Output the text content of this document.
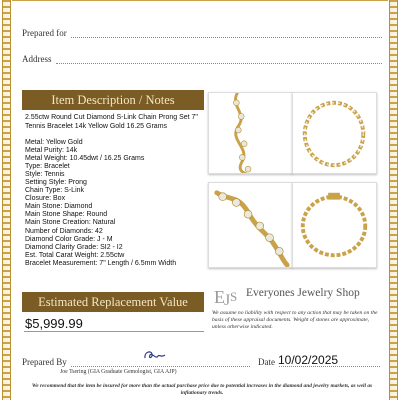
Prepared for
Address
Item Description / Notes
2.55ctw Round Cut Diamond S-Link Chain Prong Set 7" Tennis Bracelet 14k Yellow Gold 16.25 Grams
Metal: Yellow Gold
Metal Purity: 14k
Metal Weight: 10.45dwt / 16.25 Grams
Type: Bracelet
Style: Tennis
Setting Style: Prong
Chain Type: S-Link
Closure: Box
Main Stone: Diamond
Main Stone Shape: Round
Main Stone Creation: Natural
Number of Diamonds: 42
Diamond Color Grade: J - M
Diamond Clarity Grade: SI2 - I2
Est. Total Carat Weight: 2.55ctw
Bracelet Measurement: 7" Length / 6.5mm Width
Estimated Replacement Value
$5,999.99
E J S Everyones Jewelry Shop
We assume no liability with respect to any action that may be taken on the basis of these appraisal documents. Weight of stones are approximate, unless otherwise indicated.
Prepared By
Joe Tsering (GIA Graduate Gemologist, GIA AJP)
Date 10/02/2025
We recommend that the item be insured for more than the actual purchase price due to potential increases in the diamond and jewelry markets, as well as inflationary trends.
